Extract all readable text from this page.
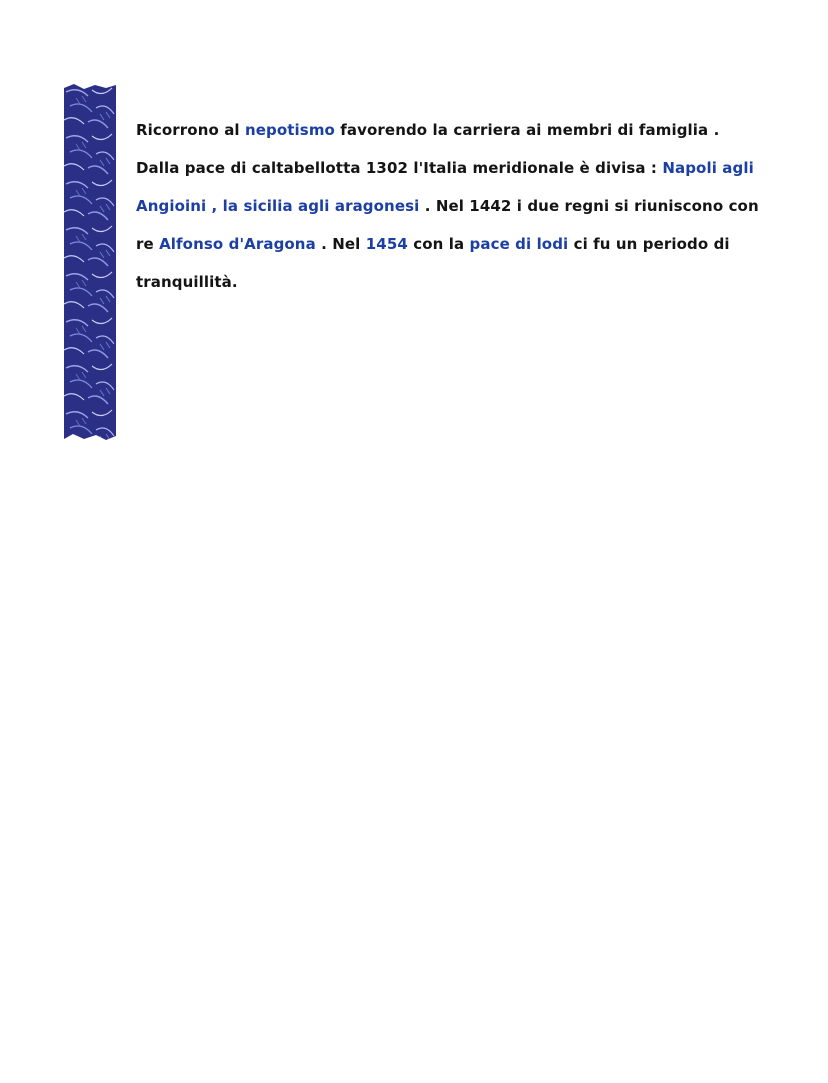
Ricorrono al nepotismo favorendo la carriera ai membri di famiglia .
Dalla pace di caltabellotta 1302 l'Italia meridionale è divisa : Napoli agli
Angioini , la sicilia agli aragonesi . Nel 1442 i due regni si riuniscono con
re Alfonso d'Aragona . Nel 1454 con la pace di lodi ci fu un periodo di
tranquillità.
